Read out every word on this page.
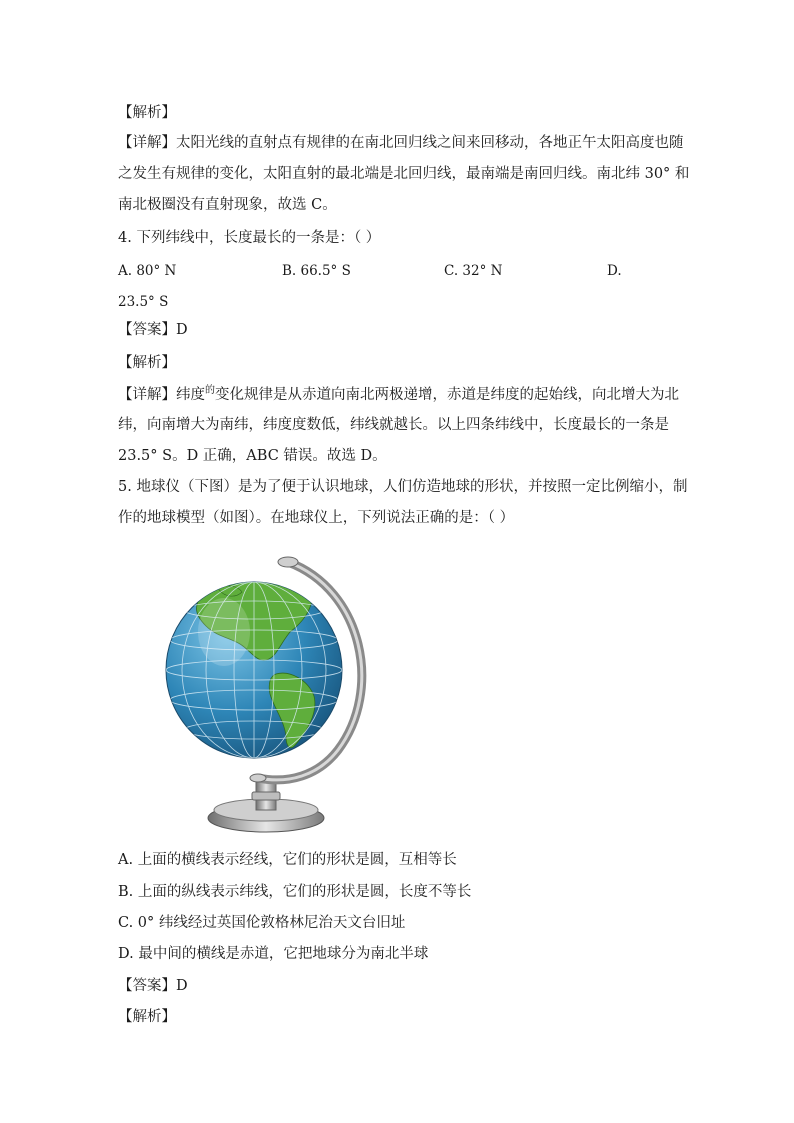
【解析】
【详解】太阳光线的直射点有规律的在南北回归线之间来回移动，各地正午太阳高度也随
之发生有规律的变化，太阳直射的最北端是北回归线，最南端是南回归线。南北纬 30° 和
南北极圈没有直射现象，故选 C。
4. 下列纬线中，长度最长的一条是：（ ）
A. 80° N	B. 66.5° S	C. 32° N	D.
23.5° S
【答案】D
【解析】
【详解】纬度$^的$变化规律是从赤道向南北两极递增，赤道是纬度的起始线，向北增大为北
纬，向南增大为南纬，纬度度数低，纬线就越长。以上四条纬线中，长度最长的一条是
23.5° S。D 正确，ABC 错误。故选 D。
5. 地球仪（下图）是为了便于认识地球，人们仿造地球的形状，并按照一定比例缩小，制
作的地球模型（如图）。在地球仪上，下列说法正确的是：（ ）
A. 上面的横线表示经线，它们的形状是圆，互相等长
B. 上面的纵线表示纬线，它们的形状是圆，长度不等长
C. 0° 纬线经过英国伦敦格林尼治天文台旧址
D. 最中间的横线是赤道，它把地球分为南北半球
【答案】D
【解析】
